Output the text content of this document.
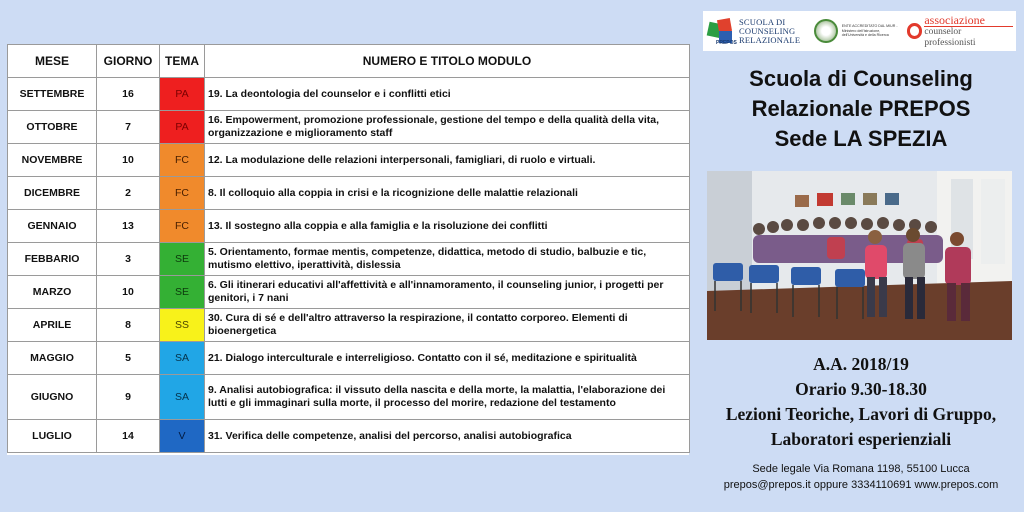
MESE	GIORNO	TEMA	NUMERO E TITOLO MODULO
SETTEMBRE	16	PA	19. La deontologia del counselor e i conflitti etici
OTTOBRE	7	PA	16. Empowerment, promozione professionale, gestione del tempo e della qualità della vita, organizzazione e miglioramento staff
NOVEMBRE	10	FC	12. La modulazione delle relazioni interpersonali, famigliari, di ruolo e virtuali.
DICEMBRE	2	FC	8. Il colloquio alla coppia in crisi e la ricognizione delle malattie relazionali
GENNAIO	13	FC	13. Il sostegno alla coppia e alla famiglia e la risoluzione dei conflitti
FEBBARIO	3	SE	5. Orientamento, formae mentis, competenze, didattica, metodo di studio, balbuzie e tic, mutismo elettivo, iperattività, dislessia
MARZO	10	SE	6. Gli itinerari educativi all'affettività e all'innamoramento, il counseling junior, i progetti per genitori, i 7 nani
APRILE	8	SS	30. Cura di sé e dell'altro attraverso la respirazione, il contatto corporeo. Elementi di bioenergetica
MAGGIO	5	SA	21. Dialogo interculturale e interreligioso. Contatto con il sé, meditazione e spiritualità
GIUGNO	9	SA	9. Analisi autobiografica: il vissuto della nascita e della morte, la malattia, l'elaborazione dei lutti e gli immaginari sulla morte, il processo del morire, redazione del testamento
LUGLIO	14	V	31. Verifica delle competenze, analisi del percorso, analisi autobiografica
SCUOLA DI
COUNSELING
RELAZIONALE
ENTE ACCREDITATO DAL MIUR - Ministero dell'Istruzione, dell'Università e della Ricerca
associazione
counselor professionisti
PREPOS
Scuola di Counseling
Relazionale PREPOS
Sede LA SPEZIA
A.A. 2018/19
Orario 9.30-18.30
Lezioni Teoriche, Lavori di Gruppo,
Laboratori esperienziali
Sede legale Via Romana 1198, 55100 Lucca
prepos@prepos.it oppure 3334110691 www.prepos.com
